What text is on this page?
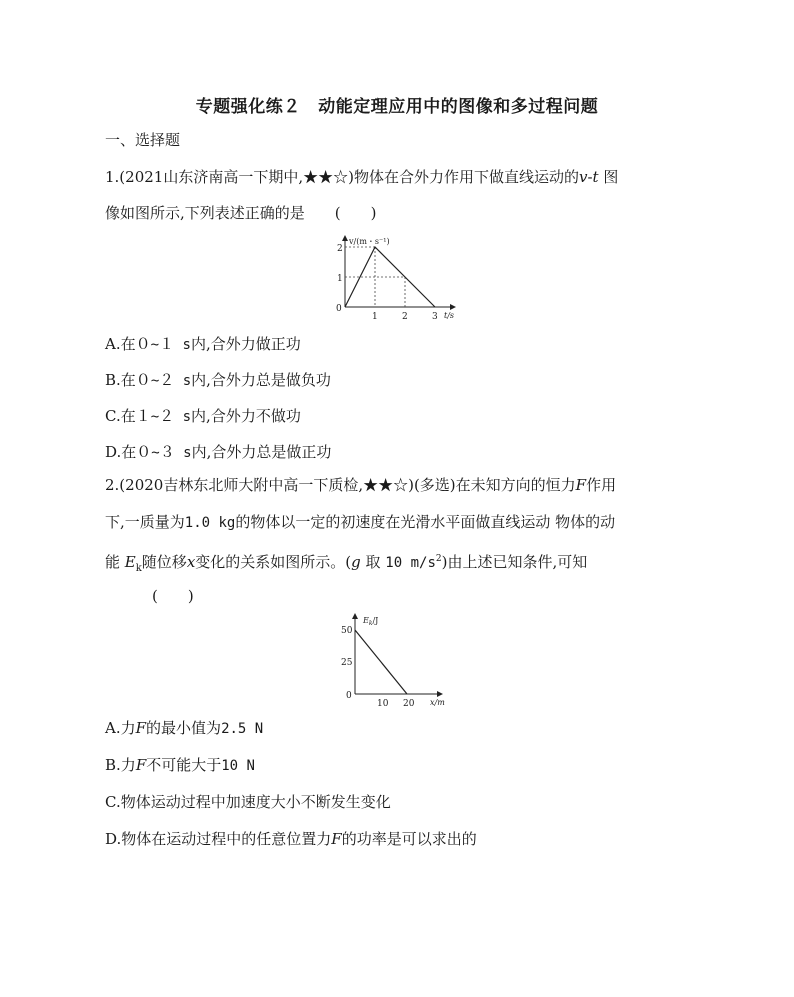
专题强化练２　动能定理应用中的图像和多过程问题
一、选择题
1.(2021山东济南高一下期中,★★☆)物体在合外力作用下做直线运动的v-t 图
像如图所示,下列表述正确的是　　(　　)
v/(m・s⁻¹)
t/s
2
1
0
1	2	3
A.在０~１ s内,合外力做正功
B.在０~２ s内,合外力总是做负功
C.在１~２ s内,合外力不做功
D.在０~３ s内,合外力总是做正功
2.(2020吉林东北师大附中高一下质检,★★☆)(多选)在未知方向的恒力F作用
下,一质量为1.0 kg的物体以一定的初速度在光滑水平面做直线运动 物体的动
能 $E_k$随位移x变化的关系如图所示。(g 取 10 $m/s^2$)由上述已知条件,可知
(　　)
$E_k/J$
x/m
50
25
0
10 20
A.力F的最小值为2.5 N
B.力F不可能大于10 N
C.物体运动过程中加速度大小不断发生变化
D.物体在运动过程中的任意位置力F的功率是可以求出的
